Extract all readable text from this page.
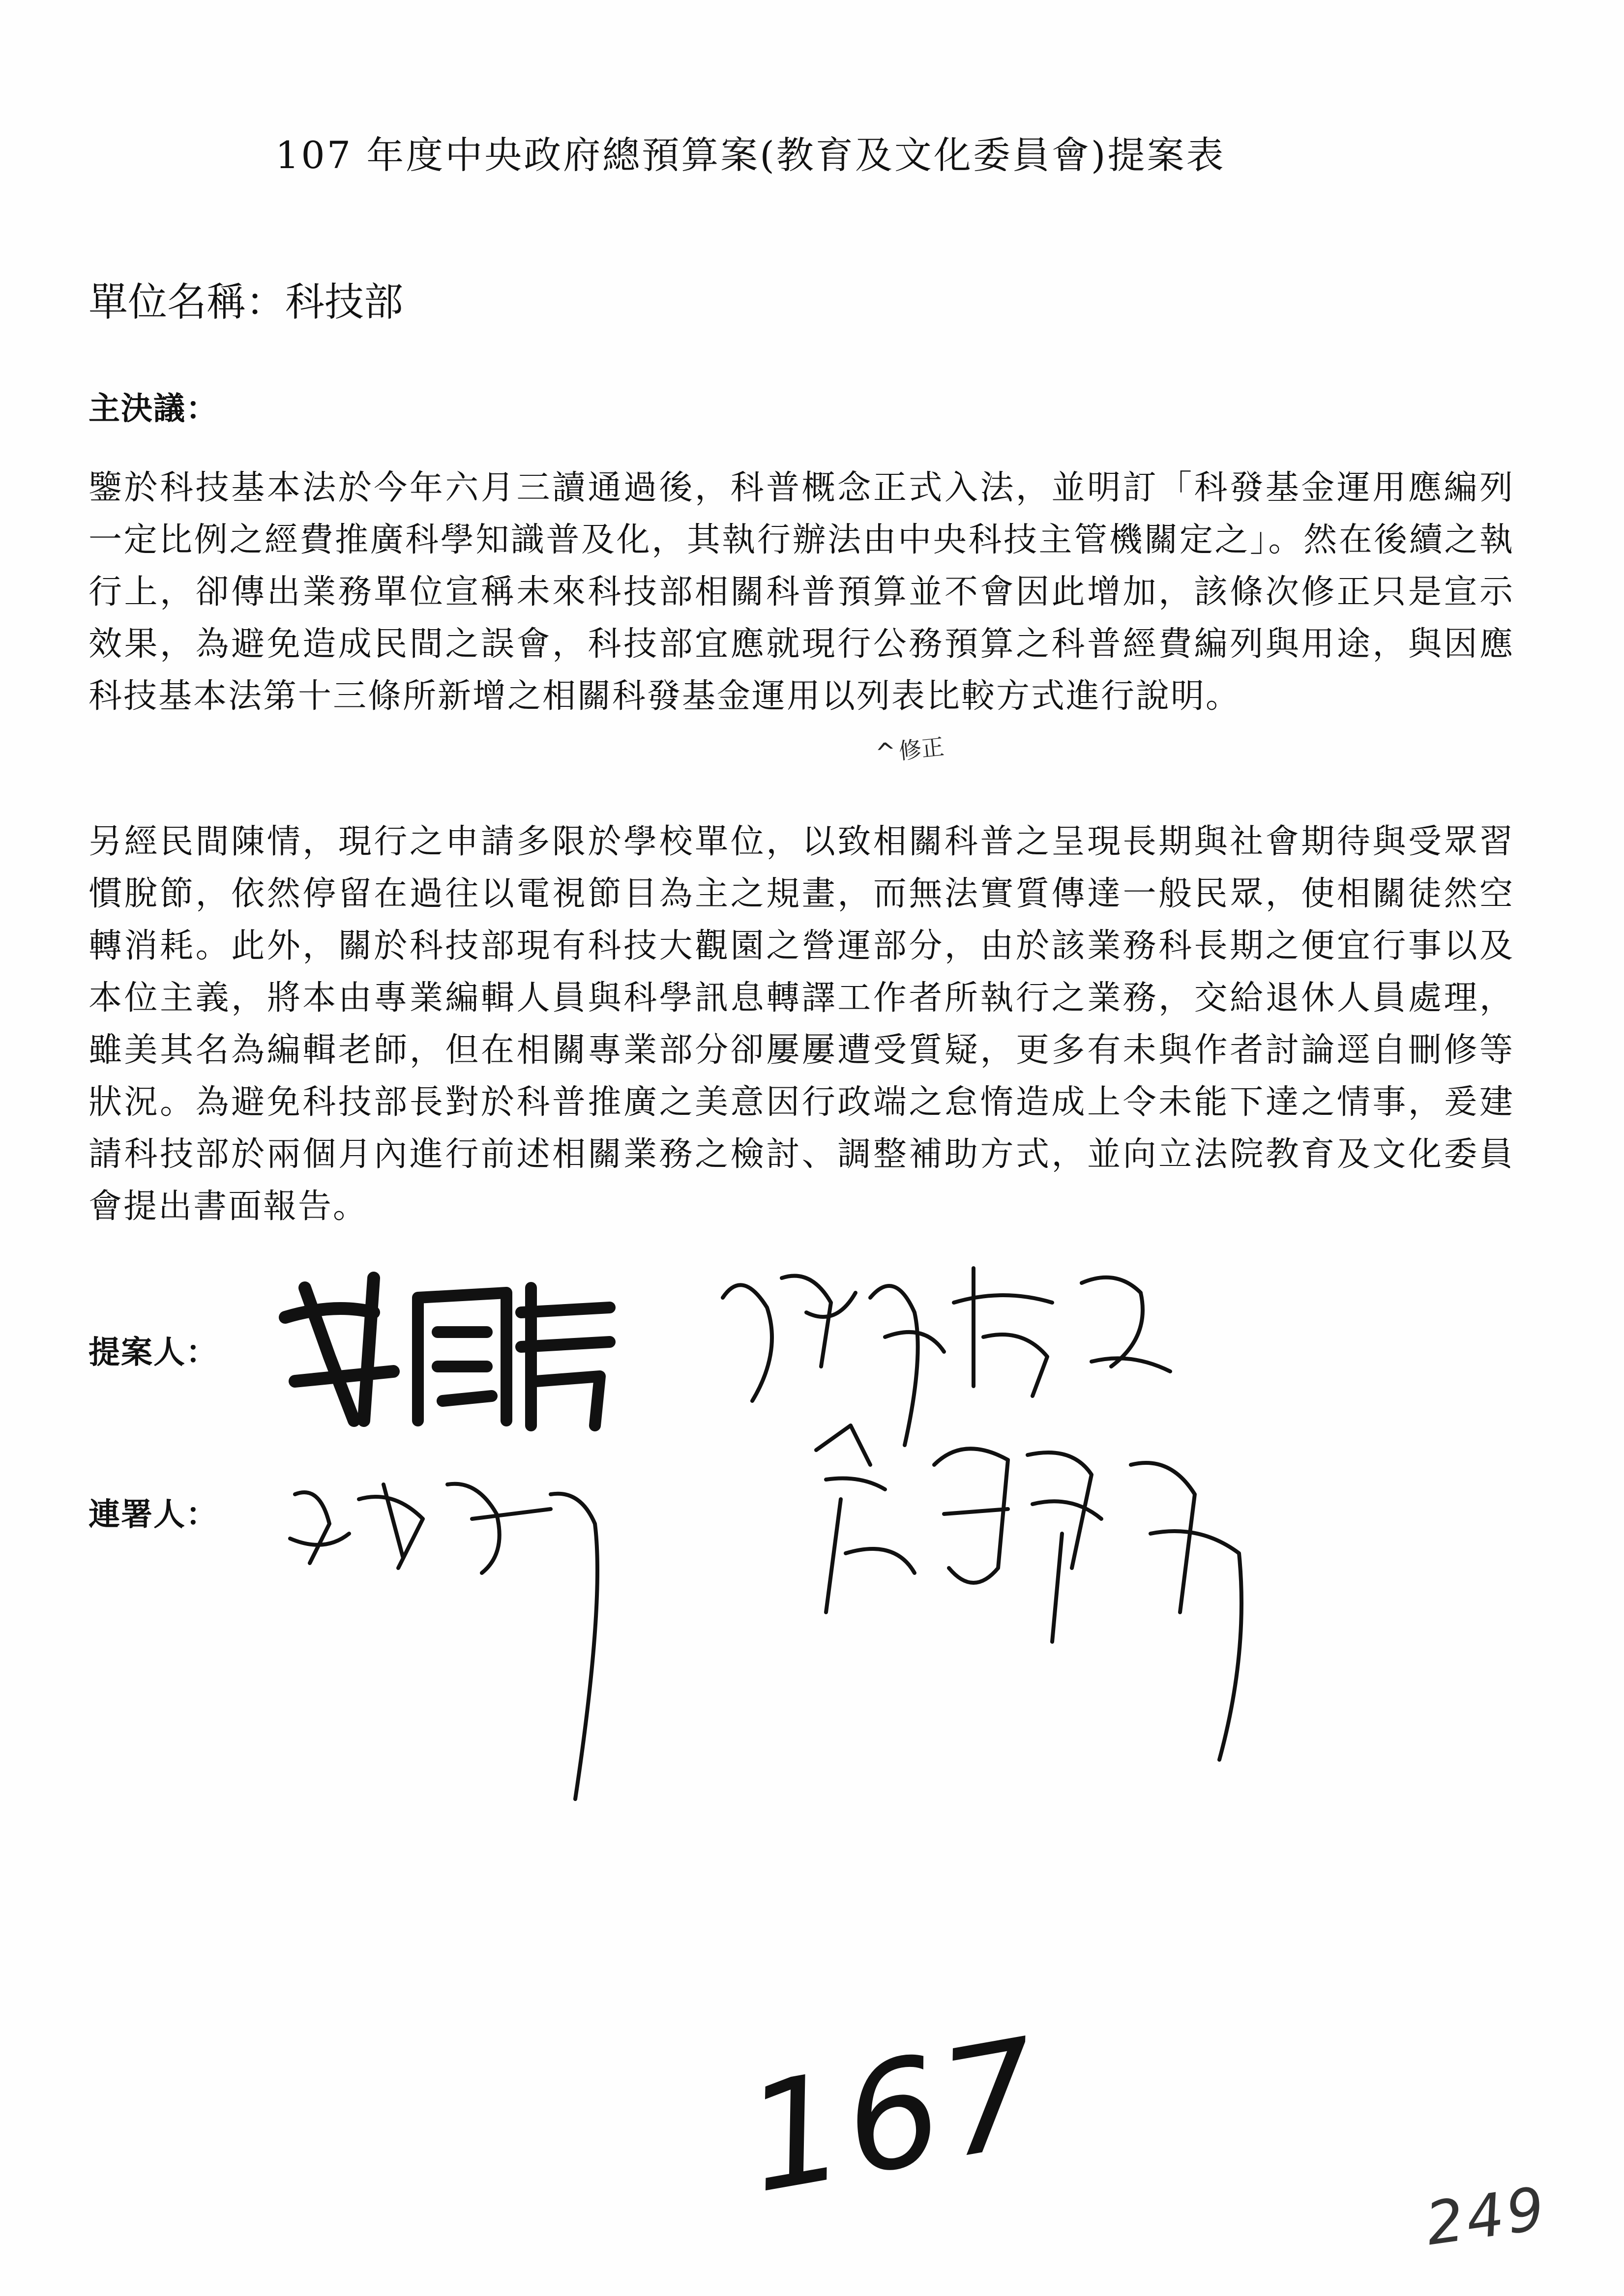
107 年度中央政府總預算案(教育及文化委員會)提案表
單位名稱：科技部
主決議：
鑒於科技基本法於今年六月三讀通過後，科普概念正式入法，並明訂「科發基金運用應編列一定比例之經費推廣科學知識普及化，其執行辦法由中央科技主管機關定之」。然在後續之執行上，卻傳出業務單位宣稱未來科技部相關科普預算並不會因此增加，該條次修正只是宣示效果，為避免造成民間之誤會，科技部宜應就現行公務預算之科普經費編列與用途，與因應科技基本法第十三條所新增之相關科發基金運用以列表比較方式進行說明。
^修正
另經民間陳情，現行之申請多限於學校單位，以致相關科普之呈現長期與社會期待與受眾習慣脫節，依然停留在過往以電視節目為主之規畫，而無法實質傳達一般民眾，使相關徒然空轉消耗。此外，關於科技部現有科技大觀園之營運部分，由於該業務科長期之便宜行事以及本位主義，將本由專業編輯人員與科學訊息轉譯工作者所執行之業務，交給退休人員處理，雖美其名為編輯老師，但在相關專業部分卻屢屢遭受質疑，更多有未與作者討論逕自刪修等狀況。為避免科技部長對於科普推廣之美意因行政端之怠惰造成上令未能下達之情事，爰建請科技部於兩個月內進行前述相關業務之檢討、調整補助方式，並向立法院教育及文化委員會提出書面報告。
提案人：
連署人：
167	249
